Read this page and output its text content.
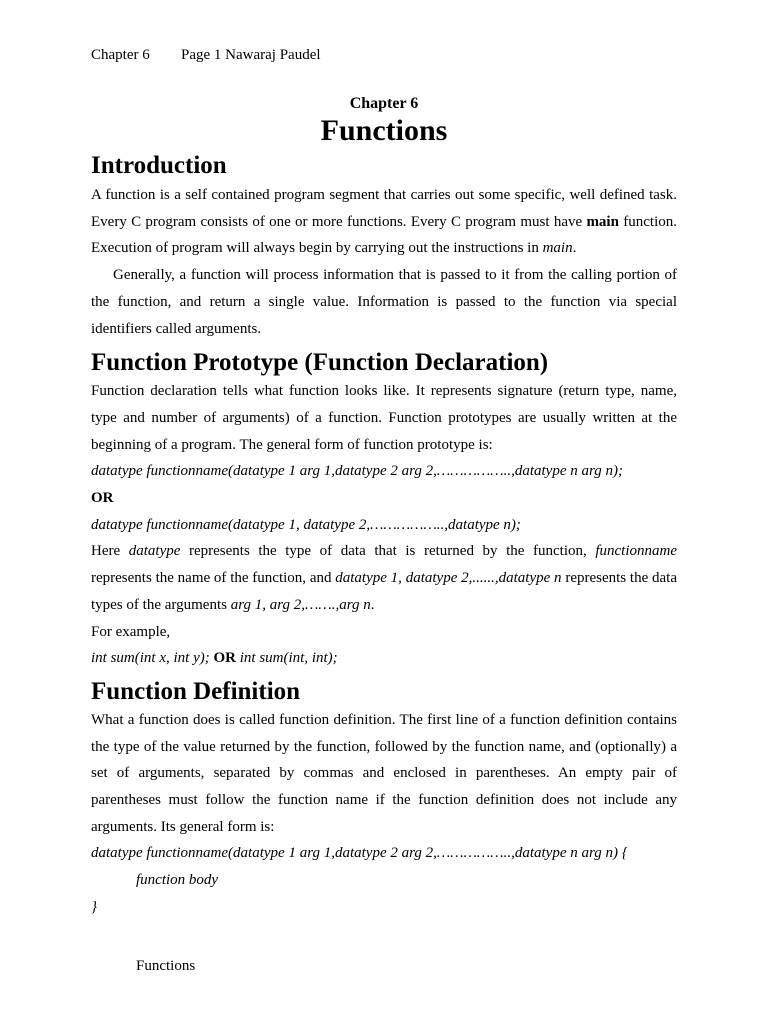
Chapter 6 Page 1 Nawaraj Paudel
Chapter 6
Functions
Introduction

A function is a self contained program segment that carries out some specific, well defined task. Every C program consists of one or more functions. Every C program must have main function. Execution of program will always begin by carrying out the instructions in main.

Generally, a function will process information that is passed to it from the calling portion of the function, and return a single value. Information is passed to the function via special identifiers called arguments.

Function Prototype (Function Declaration)

Function declaration tells what function looks like. It represents signature (return type, name, type and number of arguments) of a function. Function prototypes are usually written at the beginning of a program. The general form of function prototype is:

datatype functionname(datatype 1 arg 1,datatype 2 arg 2,……………..,datatype n arg n);

OR

datatype functionname(datatype 1, datatype 2,……………..,datatype n);

Here datatype represents the type of data that is returned by the function, functionname represents the name of the function, and datatype 1, datatype 2,......,datatype n represents the data types of the arguments arg 1, arg 2,…….,arg n.

For example,

int sum(int x, int y); OR int sum(int, int);

Function Definition

What a function does is called function definition. The first line of a function definition contains the type of the value returned by the function, followed by the function name, and (optionally) a set of arguments, separated by commas and enclosed in parentheses. An empty pair of parentheses must follow the function name if the function definition does not include any arguments. Its general form is:

datatype functionname(datatype 1 arg 1,datatype 2 arg 2,……………..,datatype n arg n) {

function body

}

Functions
